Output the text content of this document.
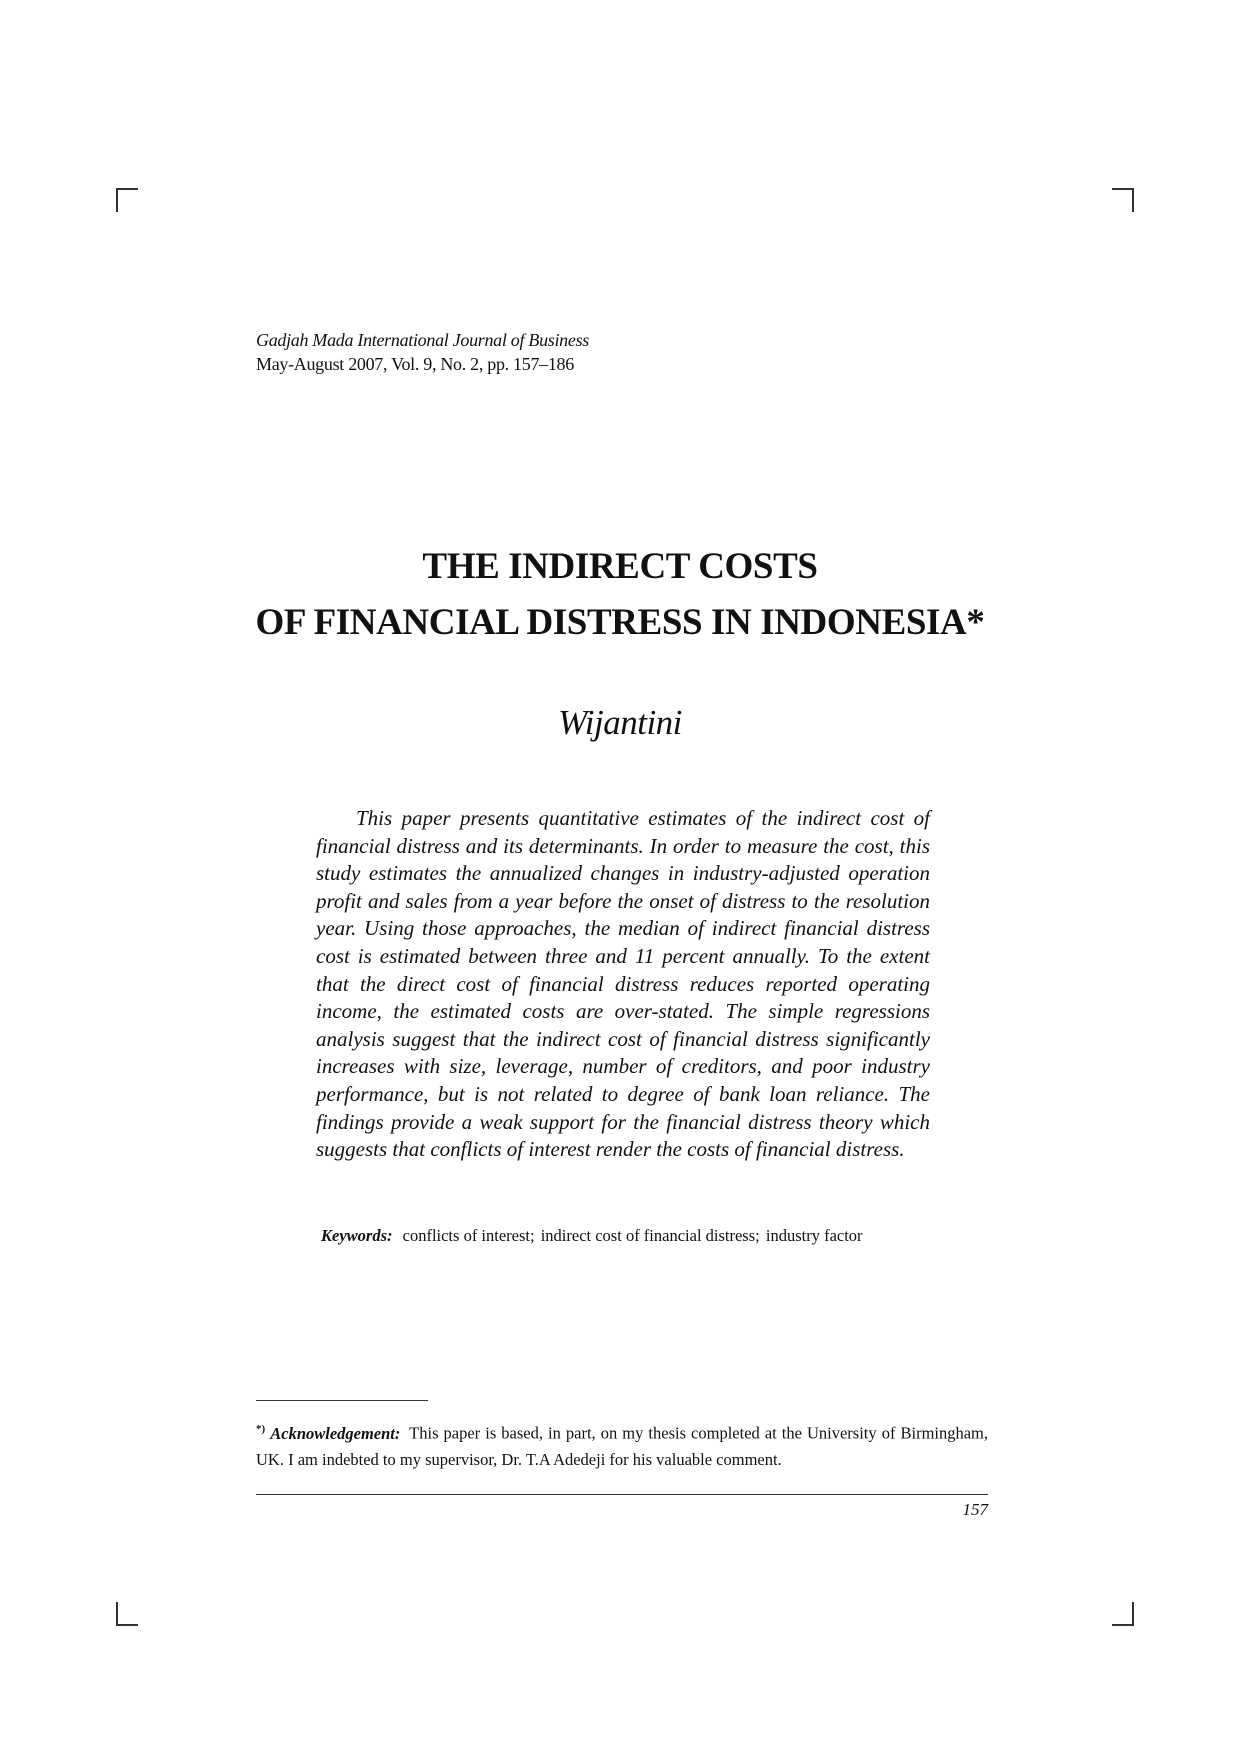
Gadjah Mada International Journal of Business
May-August 2007, Vol. 9, No. 2, pp. 157–186
THE INDIRECT COSTS
OF FINANCIAL DISTRESS IN INDONESIA*
Wijantini

This paper presents quantitative estimates of the indirect cost of financial distress and its determinants. In order to measure the cost, this study estimates the annualized changes in industry-adjusted operation profit and sales from a year before the onset of distress to the resolution year. Using those approaches, the median of indirect financial distress cost is estimated between three and 11 percent annually. To the extent that the direct cost of financial distress reduces reported operating income, the estimated costs are over-stated. The simple regressions analysis suggest that the indirect cost of financial distress significantly increases with size, leverage, number of creditors, and poor industry performance, but is not related to degree of bank loan reliance. The findings provide a weak support for the financial distress theory which suggests that conflicts of interest render the costs of financial distress.

Keywords: conflicts of interest; indirect cost of financial distress; industry factor
*) Acknowledgement: This paper is based, in part, on my thesis completed at the University of Birmingham, UK. I am indebted to my supervisor, Dr. T.A Adedeji for his valuable comment.
157
